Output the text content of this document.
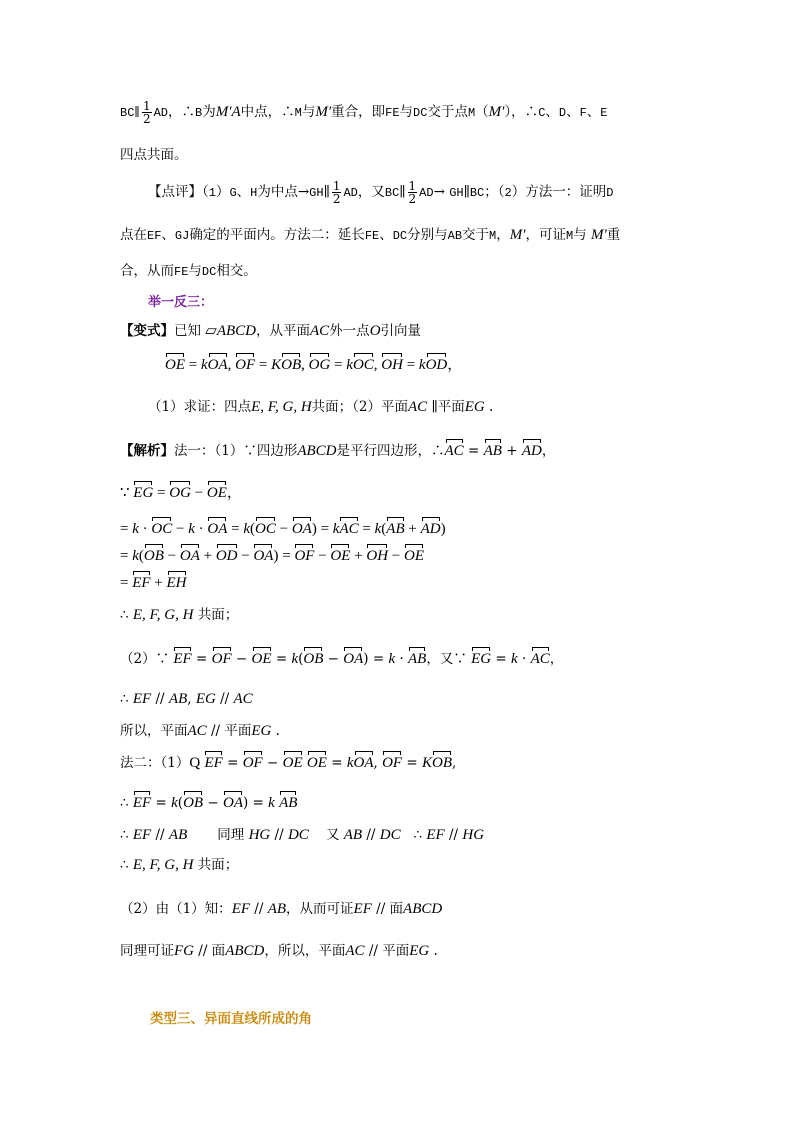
BC∥ $\frac{1}{2}$ AD，∴B为M′A中点，∴M与M′重合，即FE与DC交于点M（M′），∴C、D、F、E
四点共面。
【点评】（1）G、H为中点→GH∥ $\frac{1}{2}$ AD，又BC∥ $\frac{1}{2} AD\to$ GH∥BC；（2）方法一：证明D
点在EF、GJ确定的平面内。方法二：延长FE、DC分别与AB交于M，M′，可证M与 M′重
合，从而FE与DC相交。
举一反三：
【变式】已知 ▱ABCD，从平面AC外一点O引向量
OE = kOA, OF = KOB, OG = kOC, OH = kOD，
（1）求证：四点E, F, G, H共面；（2）平面AC ∥平面EG .
【解析】法一：（1）∵四边形ABCD是平行四边形，∴AC = AB + AD，
∵ EG = OG − OE，
= k · OC − k · OA = k(OC − OA) = kAC = k(AB + AD)
= k(OB − OA + OD − OA) = OF − OE + OH − OE
= EF + EH
∴ E, F, G, H 共面；
（2）∵ EF = OF − OE = k(OB − OA) = k · AB，又∵ EG = k · AC，
∴ EF // AB, EG // AC
所以，平面AC // 平面EG .
法二：（1）Q EF = OF − OE OE = kOA, OF = KOB,
∴ EF = k(OB − OA) = k AB
∴ EF // AB       同理 HG // DC    又 AB // DC   ∴ EF // HG
∴ E, F, G, H 共面；
（2）由（1）知：EF // AB，从而可证EF // 面ABCD
同理可证FG // 面ABCD，所以，平面AC // 平面EG .
类型三、异面直线所成的角
